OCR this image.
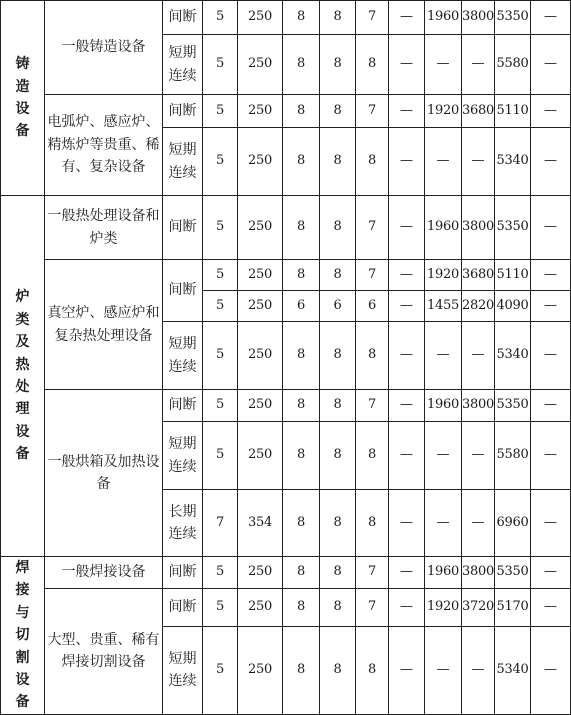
铸造设备	一般铸造设备	间断	5	250	8	8	7	—	1960	3800	5350	—
		短期连续	5	250	8	8	8	—	—	—	5580	—
	电弧炉、感应炉、精炼炉等贵重、稀有、复杂设备	间断	5	250	8	8	7	—	1920	3680	5110	—
		短期连续	5	250	8	8	8	—	—	—	5340	—

炉类及热处理设备	一般热处理设备和炉类	间断	5	250	8	8	7	—	1960	3800	5350	—
	真空炉、感应炉和复杂热处理设备	间断	5	250	8	8	7	—	1920	3680	5110	—
			5	250	6	6	6	—	1455	2820	4090	—
		短期连续	5	250	8	8	8	—	—	—	5340	—
	一般烘箱及加热设备	间断	5	250	8	8	7	—	1960	3800	5350	—
		短期连续	5	250	8	8	8	—	—	—	5580	—
		长期连续	7	354	8	8	8	—	—	—	6960	—

焊接与切割设备	一般焊接设备	间断	5	250	8	8	7	—	1960	3800	5350	—
	大型、贵重、稀有焊接切割设备	间断	5	250	8	8	7	—	1920	3720	5170	—
		短期连续	5	250	8	8	8	—	—	—	5340	—
